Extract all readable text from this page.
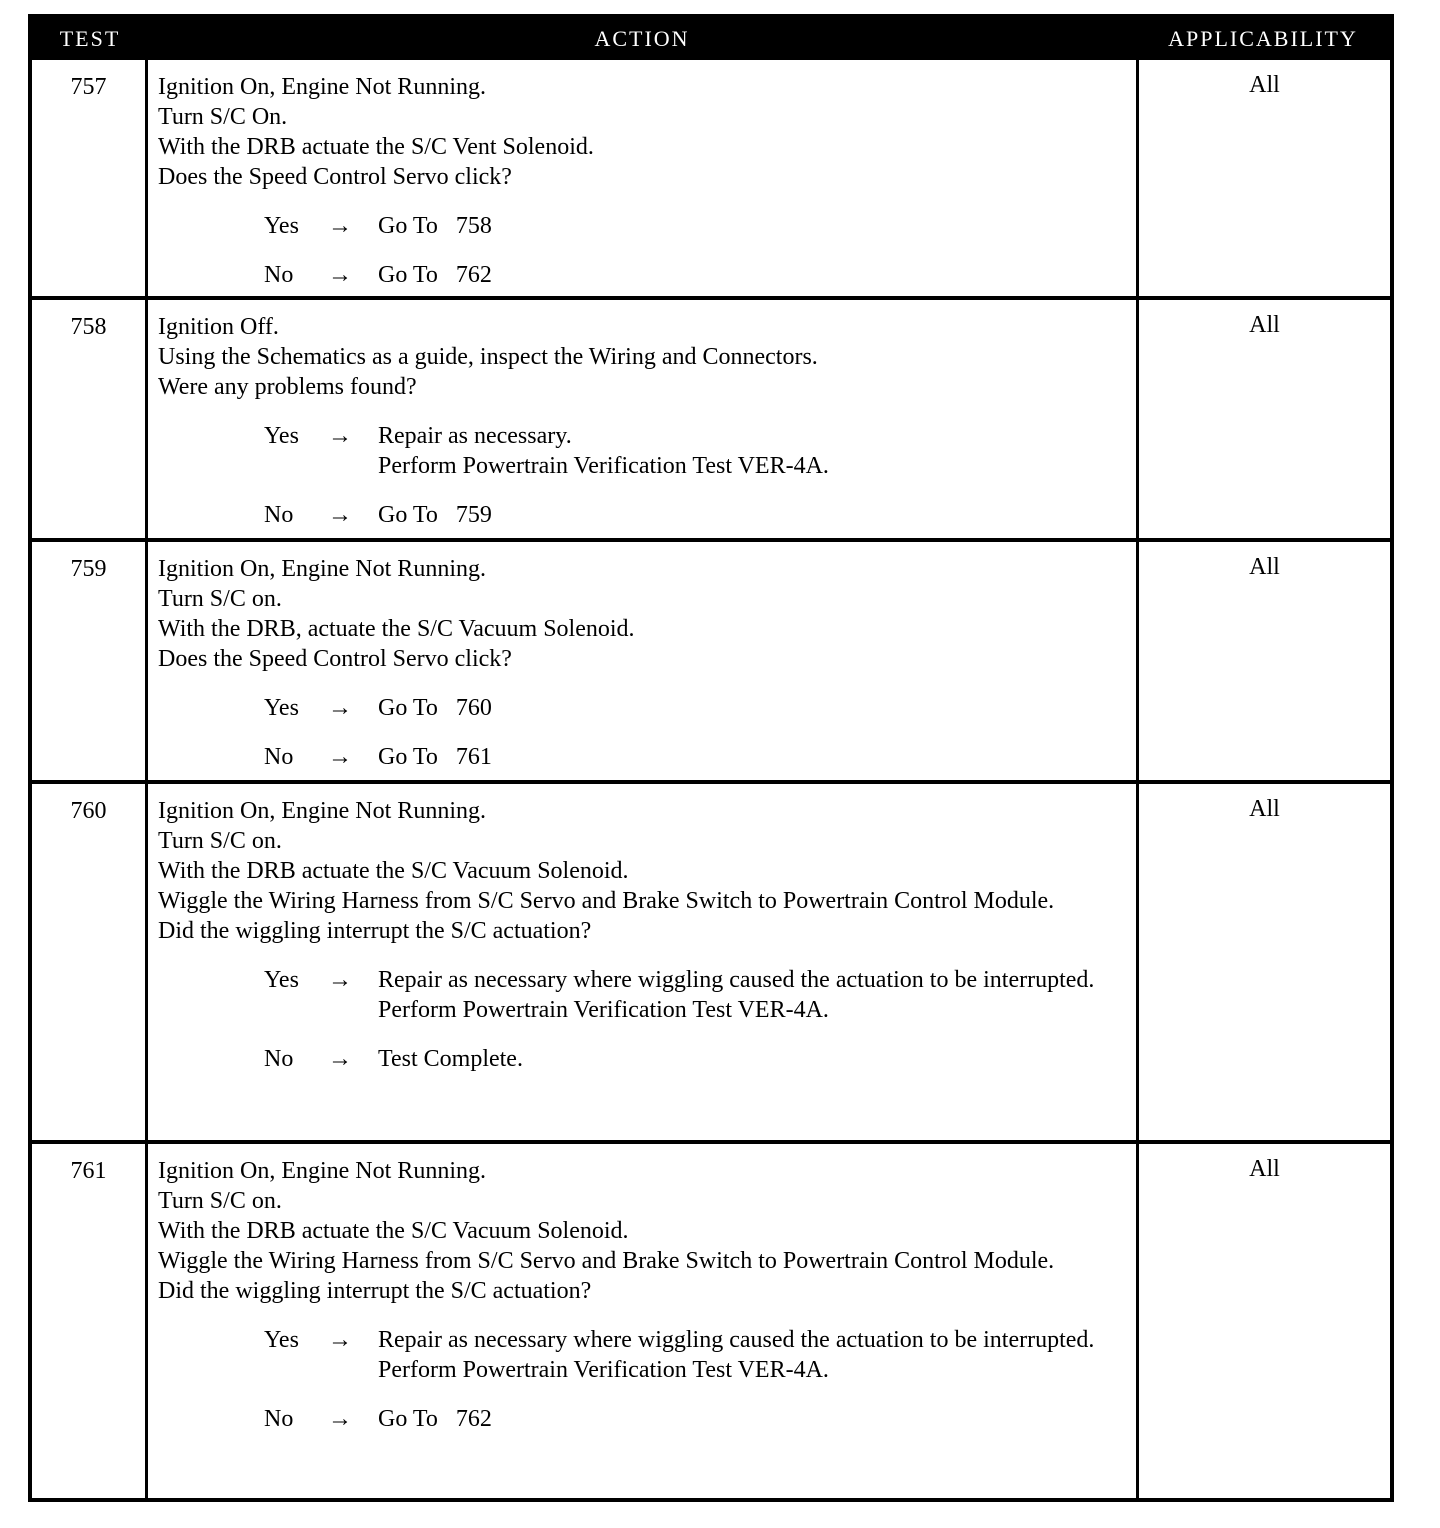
TEST	ACTION	APPLICABILITY
757	Ignition On, Engine Not Running.
Turn S/C On.
With the DRB actuate the S/C Vent Solenoid.
Does the Speed Control Servo click?
Yes → Go To   758
No → Go To   762
All
758	Ignition Off.
Using the Schematics as a guide, inspect the Wiring and Connectors.
Were any problems found?
Yes → Repair as necessary.
Perform Powertrain Verification Test VER-4A.
No → Go To   759
All
759	Ignition On, Engine Not Running.
Turn S/C on.
With the DRB, actuate the S/C Vacuum Solenoid.
Does the Speed Control Servo click?
Yes → Go To   760
No → Go To   761
All
760	Ignition On, Engine Not Running.
Turn S/C on.
With the DRB actuate the S/C Vacuum Solenoid.
Wiggle the Wiring Harness from S/C Servo and Brake Switch to Powertrain Control Module.
Did the wiggling interrupt the S/C actuation?
Yes → Repair as necessary where wiggling caused the actuation to be interrupted.
Perform Powertrain Verification Test VER-4A.
No → Test Complete.
All
761	Ignition On, Engine Not Running.
Turn S/C on.
With the DRB actuate the S/C Vacuum Solenoid.
Wiggle the Wiring Harness from S/C Servo and Brake Switch to Powertrain Control Module.
Did the wiggling interrupt the S/C actuation?
Yes → Repair as necessary where wiggling caused the actuation to be interrupted.
Perform Powertrain Verification Test VER-4A.
No → Go To   762
All
